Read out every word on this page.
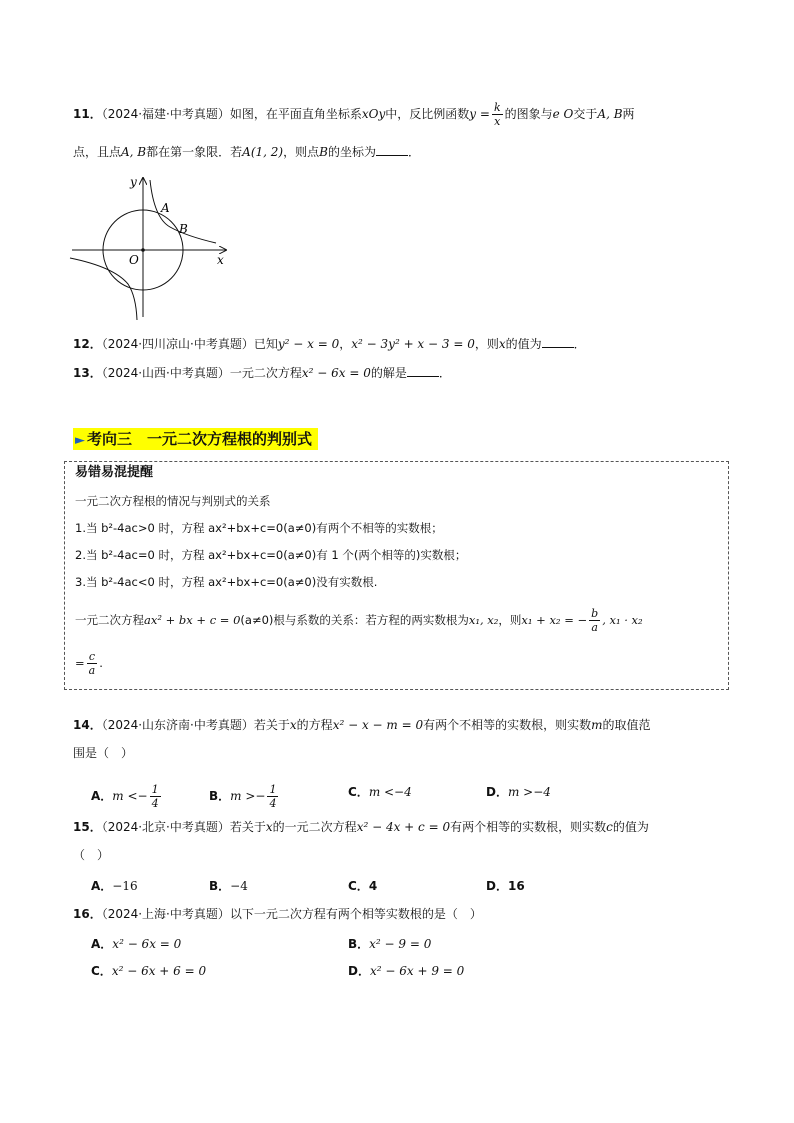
11．（2024·福建·中考真题）如图，在平面直角坐标系xOy中，反比例函数$y = \frac{k}{x}$ 的图象与e O交于A, B两
点，且点A, B都在第一象限．若A(1, 2)，则点B的坐标为	．
y
x
O
A
B
12．（2024·四川凉山·中考真题）已知y² − x = 0，x² − 3y² + x − 3 = 0，则x的值为	．
13．（2024·山西·中考真题）一元二次方程x² − 6x = 0的解是	．
► 考向三　一元二次方程根的判别式
易错易混提醒
一元二次方程根的情况与判别式的关系
1.当 b²-4ac>0 时，方程 ax²+bx+c=0(a≠0)有两个不相等的实数根；
2.当 b²-4ac=0 时，方程 ax²+bx+c=0(a≠0)有 1 个(两个相等的)实数根；
3.当 b²-4ac<0 时，方程 ax²+bx+c=0(a≠0)没有实数根.
一元二次方程ax² + bx + c = 0(a≠0)根与系数的关系：若方程的两实数根为x₁, x₂，则x₁ + x₂ = − $\frac{b}{a}$ , x₁ · x₂
= $\frac{c}{a}$ .
14．（2024·山东济南·中考真题）若关于x的方程x² − x − m = 0有两个不相等的实数根，则实数m的取值范
围是（　）
A．$m <- \frac{1}{4}$	B．$m >- \frac{1}{4}$	C．m <−4	D．m >−4
15．（2024·北京·中考真题）若关于x的一元二次方程x² − 4x + c = 0有两个相等的实数根，则实数c的值为
（　）
A．−16	B．−4	C．4	D．16
16．（2024·上海·中考真题）以下一元二次方程有两个相等实数根的是（　）
A．x² − 6x = 0	B．x² − 9 = 0
C．x² − 6x + 6 = 0	D．x² − 6x + 9 = 0
